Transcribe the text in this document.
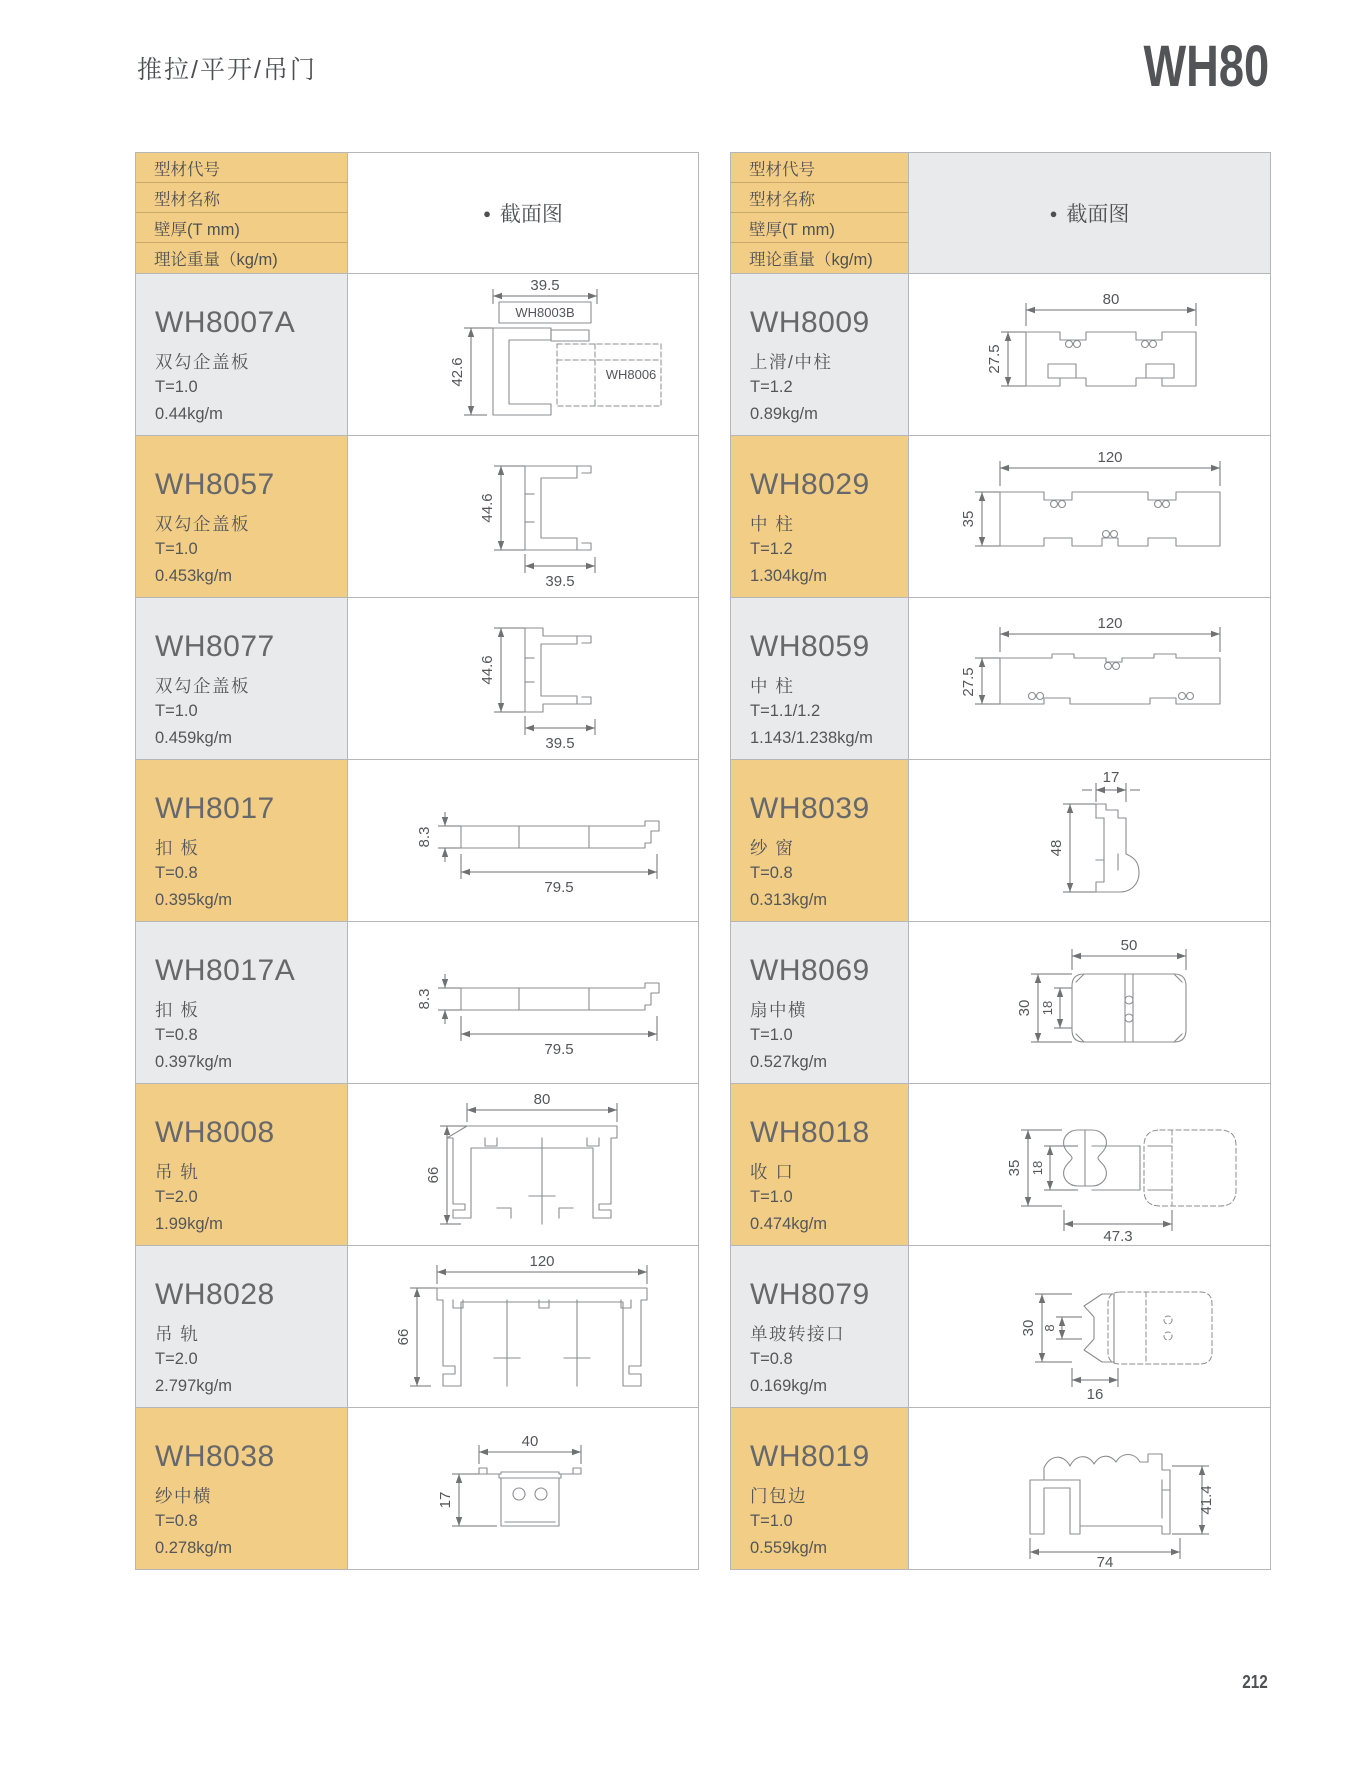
推拉/平开/吊门	WH80
型材代号
型材名称
壁厚(T mm)
理论重量（kg/m)
● 截面图
WH8007A
双勾企盖板
T=1.0
0.44kg/m
39.5
WH8003B
42.6	WH8006
WH8057
双勾企盖板
T=1.0
0.453kg/m
44.6
39.5
WH8077
双勾企盖板
T=1.0
0.459kg/m
44.6
39.5
WH8017
扣 板
T=0.8
0.395kg/m
8.3
79.5
WH8017A
扣 板
T=0.8
0.397kg/m
8.3
79.5
WH8008
吊 轨
T=2.0
1.99kg/m
80
66
WH8028
吊 轨
T=2.0
2.797kg/m
120
66
WH8038
纱中横
T=0.8
0.278kg/m
40
17
型材代号
型材名称
壁厚(T mm)
理论重量（kg/m)
● 截面图
WH8009
上滑/中柱
T=1.2
0.89kg/m
80
27.5
WH8029
中 柱
T=1.2
1.304kg/m
120
35
WH8059
中 柱
T=1.1/1.2
1.143/1.238kg/m
120
27.5
WH8039
纱 窗
T=0.8
0.313kg/m
17
48
WH8069
扇中横
T=1.0
0.527kg/m
50
30 18
WH8018
收 口
T=1.0
0.474kg/m
35 18
47.3
WH8079
单玻转接口
T=0.8
0.169kg/m
30 8
16
WH8019
门包边
T=1.0
0.559kg/m
41.4
74
212
